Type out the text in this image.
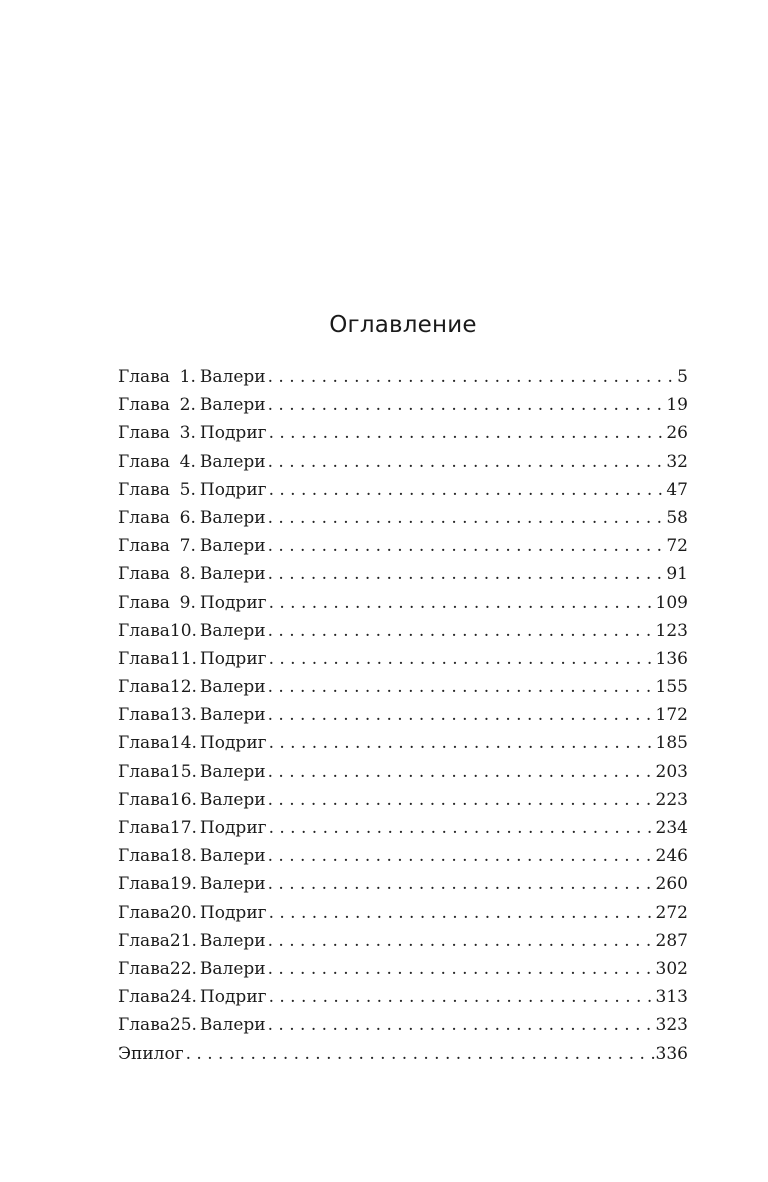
Оглавление
Глава 1. Валери . . .	5
Глава 2. Валери . . .	19
Глава 3. Подриг . . .	26
Глава 4. Валери . . .	32
Глава 5. Подриг . . .	47
Глава 6. Валери . . .	58
Глава 7. Валери . . .	72
Глава 8. Валери . . .	91
Глава 9. Подриг . . .	109
Глава10. Валери . . .	123
Глава11. Подриг . . .	136
Глава12. Валери . . .	155
Глава13. Валери . . .	172
Глава14. Подриг . . .	185
Глава15. Валери . . .	203
Глава16. Валери . . .	223
Глава17. Подриг . . .	234
Глава18. Валери . . .	246
Глава19. Валери . . .	260
Глава20. Подриг . . .	272
Глава21. Валери . . .	287
Глава22. Валери . . .	302
Глава24. Подриг . . .	313
Глава25. Валери . . .	323
Эпилог . . .	336
